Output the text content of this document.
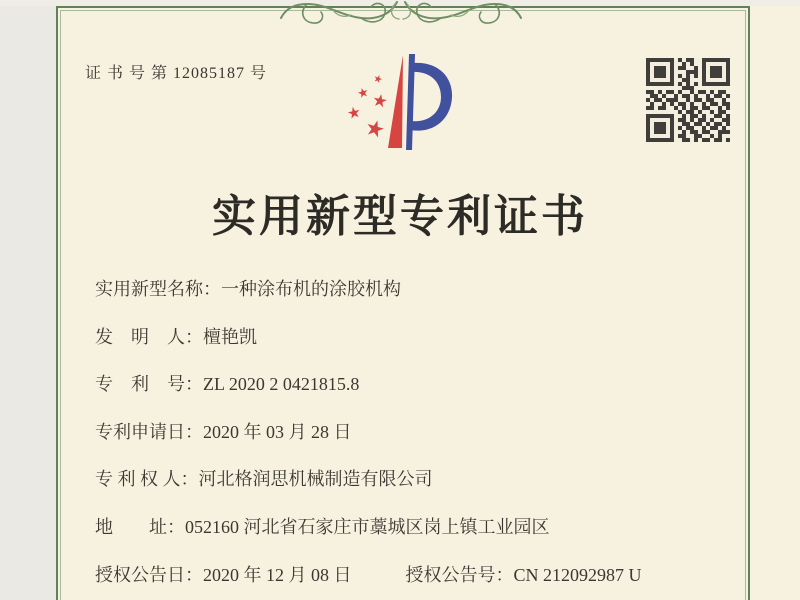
证 书 号 第 12085187 号
实用新型专利证书
实用新型名称：一种涂布机的涂胶机构
发　明　人：檀艳凯
专　利　号：ZL 2020 2 0421815.8
专利申请日：2020 年 03 月 28 日
专 利 权 人：河北格润思机械制造有限公司
地　　址：052160 河北省石家庄市藁城区岗上镇工业园区
授权公告日：2020 年 12 月 08 日	授权公告号：CN 212092987 U
